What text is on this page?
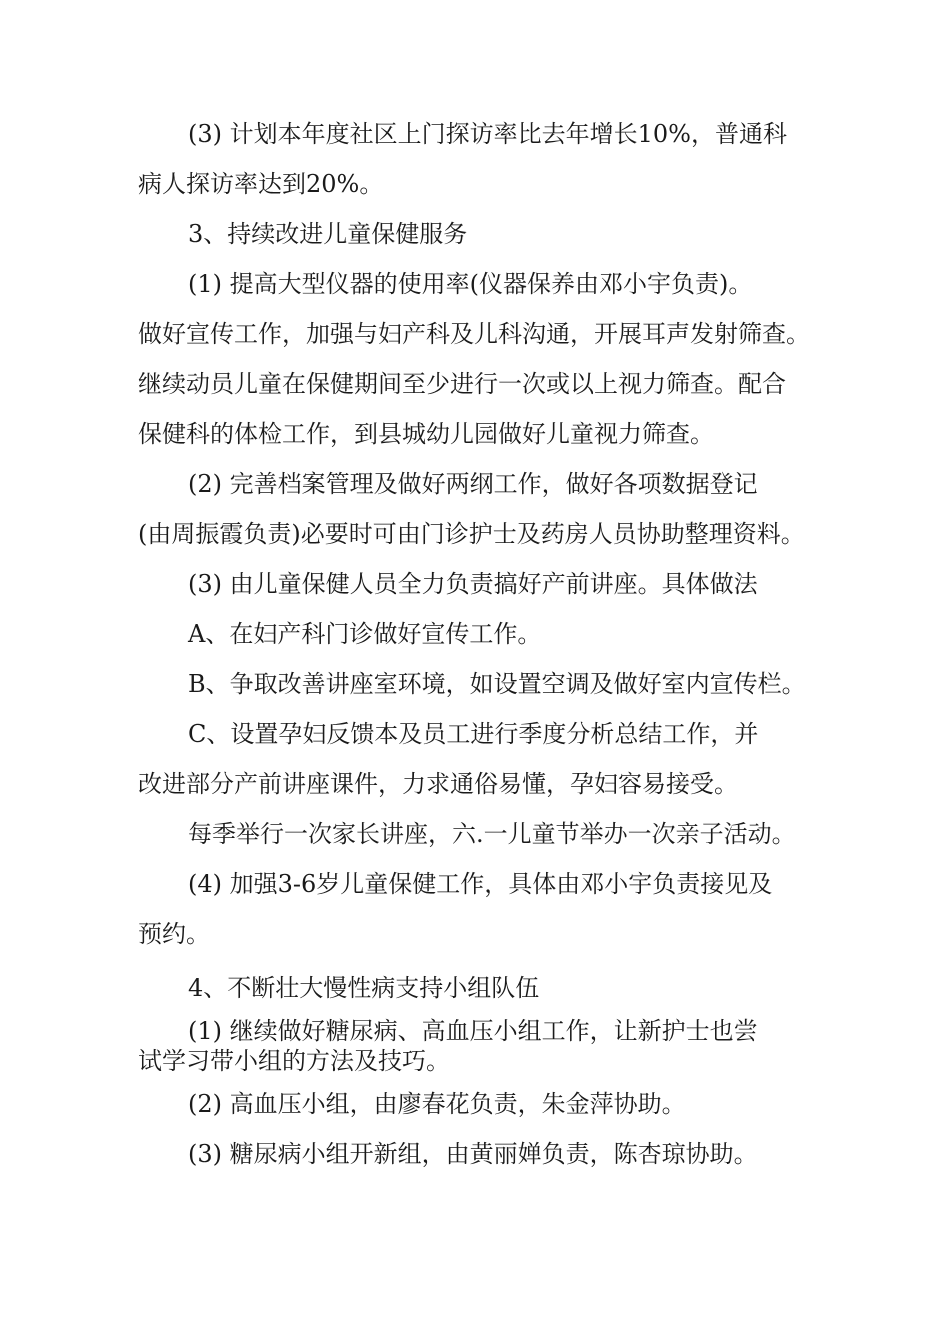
(3) 计划本年度社区上门探访率比去年增长10%，普通科
病人探访率达到20%。
3、持续改进儿童保健服务
(1) 提高大型仪器的使用率(仪器保养由邓小宇负责)。
做好宣传工作，加强与妇产科及儿科沟通，开展耳声发射筛查。
继续动员儿童在保健期间至少进行一次或以上视力筛查。配合
保健科的体检工作，到县城幼儿园做好儿童视力筛查。
(2) 完善档案管理及做好两纲工作，做好各项数据登记
(由周振霞负责)必要时可由门诊护士及药房人员协助整理资料。
(3) 由儿童保健人员全力负责搞好产前讲座。具体做法
A、在妇产科门诊做好宣传工作。
B、争取改善讲座室环境，如设置空调及做好室内宣传栏。
C、设置孕妇反馈本及员工进行季度分析总结工作，并
改进部分产前讲座课件，力求通俗易懂，孕妇容易接受。
每季举行一次家长讲座，六.一儿童节举办一次亲子活动。
(4) 加强3-6岁儿童保健工作，具体由邓小宇负责接见及
预约。
4、不断壮大慢性病支持小组队伍
(1) 继续做好糖尿病、高血压小组工作，让新护士也尝
试学习带小组的方法及技巧。
(2) 高血压小组，由廖春花负责，朱金萍协助。
(3) 糖尿病小组开新组，由黄丽婵负责，陈杏琼协助。
